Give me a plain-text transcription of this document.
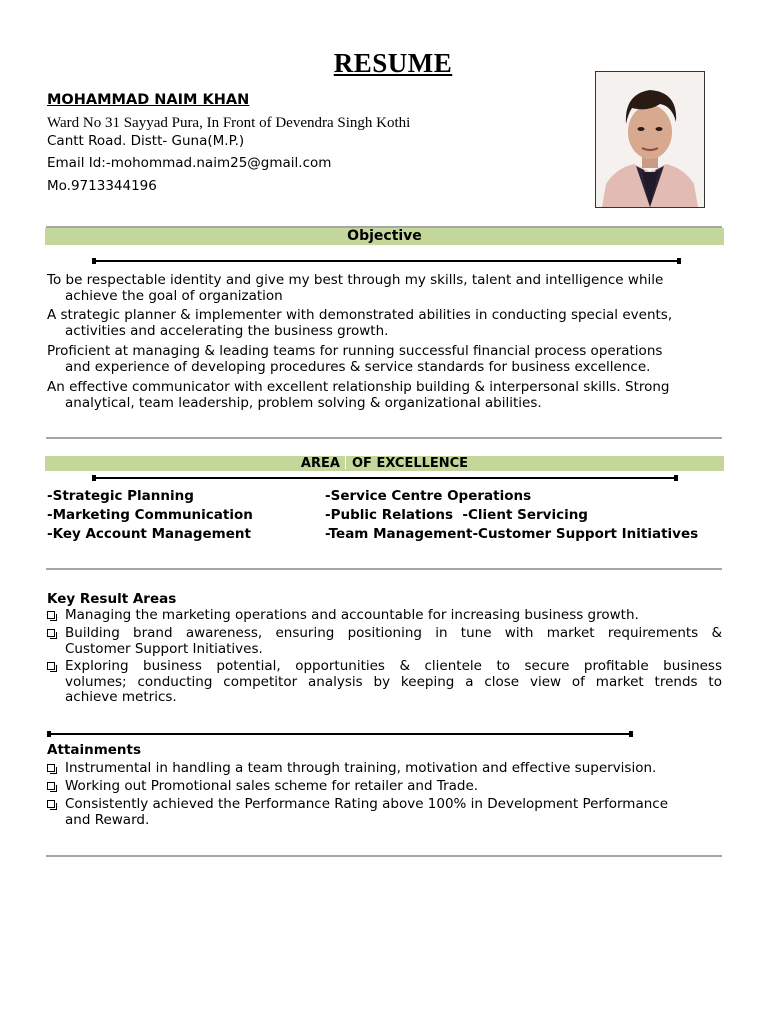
RESUME
MOHAMMAD NAIM KHAN
Ward No 31 Sayyad Pura, In Front of Devendra Singh Kothi
Cantt Road. Distt- Guna(M.P.)
Email Id:-mohommad.naim25@gmail.com
Mo.9713344196
Objective
To be respectable identity and give my best through my skills, talent and intelligence while
achieve the goal of organization
A strategic planner & implementer with demonstrated abilities in conducting special events,
activities and accelerating the business growth.
Proficient at managing & leading teams for running successful financial process operations
and experience of developing procedures & service standards for business excellence.
An effective communicator with excellent relationship building & interpersonal skills. Strong
analytical, team leadership, problem solving & organizational abilities.
AREA OF EXCELLENCE
-Strategic Planning
-Marketing Communication
-Key Account Management
-Service Centre Operations
-Public Relations  -Client Servicing
-Team Management-Customer Support Initiatives
Key Result Areas
Managing the marketing operations and accountable for increasing business growth.
Building brand awareness, ensuring positioning in tune with market requirements &
Customer Support Initiatives.
Exploring business potential, opportunities & clientele to secure profitable business
volumes; conducting competitor analysis by keeping a close view of market trends to
achieve metrics.
Attainments
Instrumental in handling a team through training, motivation and effective supervision.
Working out Promotional sales scheme for retailer and Trade.
Consistently achieved the Performance Rating above 100% in Development Performance
and Reward.
